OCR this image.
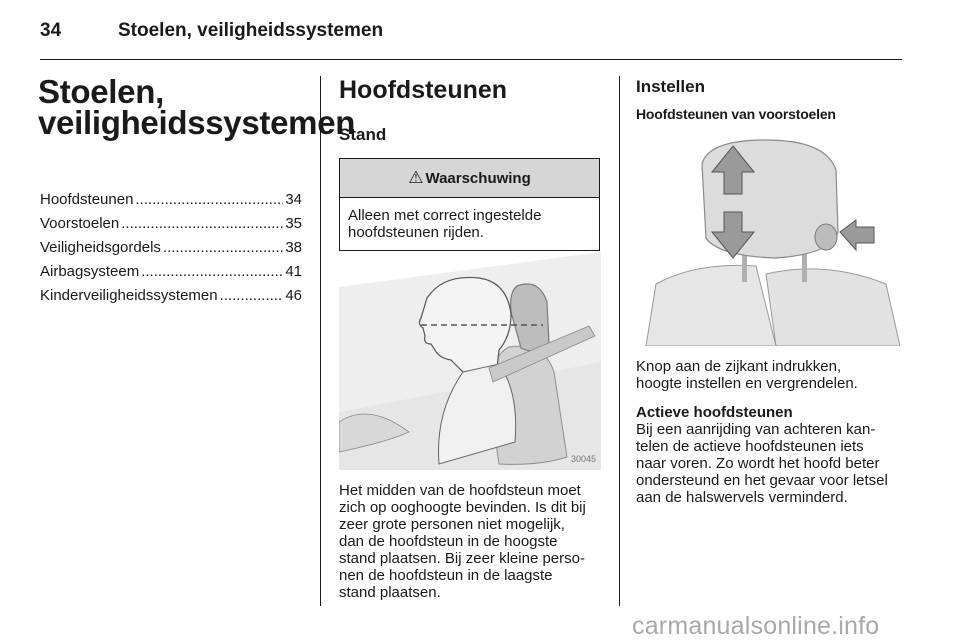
34	Stoelen, veiligheidssystemen
Stoelen,
veiligheidssystemen
Hoofdsteunen .....	34
Voorstoelen .....	35
Veiligheidsgordels .....	38
Airbagsysteem .....	41
Kinderveiligheidssystemen .....	46
Hoofdsteunen
Stand
⚠ Waarschuwing
Alleen met correct ingestelde
hoofdsteunen rijden.
30045

Het midden van de hoofdsteun moet
zich op ooghoogte bevinden. Is dit bij
zeer grote personen niet mogelijk,
dan de hoofdsteun in de hoogste
stand plaatsen. Bij zeer kleine perso-
nen de hoofdsteun in de laagste
stand plaatsen.

Instellen
Hoofdsteunen van voorstoelen

Knop aan de zijkant indrukken,
hoogte instellen en vergrendelen.

Actieve hoofdsteunen
Bij een aanrijding van achteren kan-
telen de actieve hoofdsteunen iets
naar voren. Zo wordt het hoofd beter
ondersteund en het gevaar voor letsel
aan de halswervels verminderd.

carmanualsonline.info
